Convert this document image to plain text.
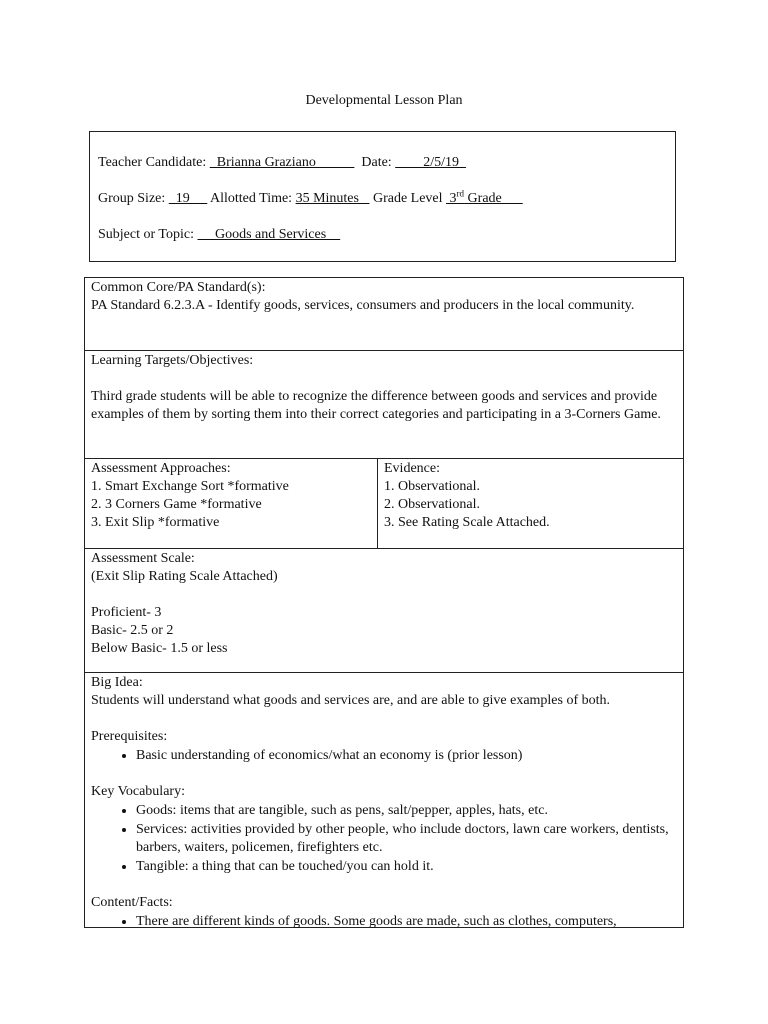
Developmental Lesson Plan
Teacher Candidate:   Brianna Graziano             Date:         2/5/19
Group Size:   19      Allotted Time: 35 Minutes    Grade Level  3rd Grade
Subject or Topic:      Goods and Services

Common Core/PA Standard(s):

PA Standard 6.2.3.A - Identify goods, services, consumers and producers in the local community.

Learning Targets/Objectives:

Third grade students will be able to recognize the difference between goods and services and provide examples of them by sorting them into their correct categories and participating in a 3-Corners Game.

Assessment Approaches:

1. Smart Exchange Sort *formative

2. 3 Corners Game *formative

3. Exit Slip *formative

Evidence:

1. Observational.

2. Observational.

3. See Rating Scale Attached.

Assessment Scale:

(Exit Slip Rating Scale Attached)

Proficient- 3

Basic- 2.5 or 2

Below Basic- 1.5 or less

Big Idea:

Students will understand what goods and services are, and are able to give examples of both.

Prerequisites:

• Basic understanding of economics/what an economy is (prior lesson)

Key Vocabulary:

• Goods: items that are tangible, such as pens, salt/pepper, apples, hats, etc.
• Services: activities provided by other people, who include doctors, lawn care workers, dentists, barbers, waiters, policemen, firefighters etc.
• Tangible: a thing that can be touched/you can hold it.

Content/Facts:

• There are different kinds of goods. Some goods are made, such as clothes, computers,
